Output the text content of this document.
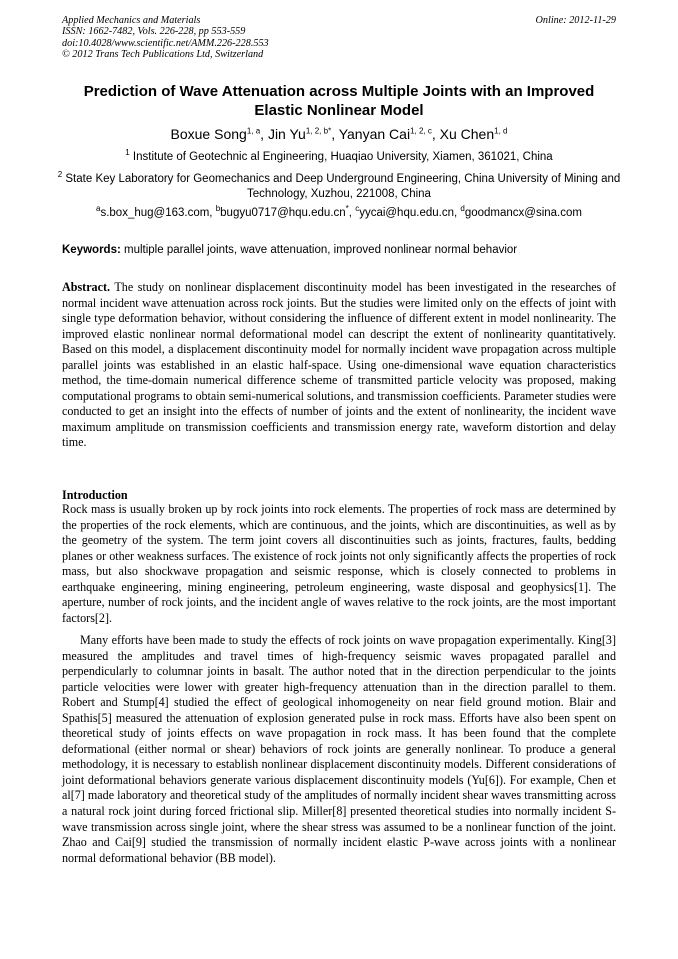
Applied Mechanics and Materials
ISSN: 1662-7482, Vols. 226-228, pp 553-559
doi:10.4028/www.scientific.net/AMM.226-228.553
© 2012 Trans Tech Publications Ltd, Switzerland
Online: 2012-11-29
Prediction of Wave Attenuation across Multiple Joints with an Improved Elastic Nonlinear Model
Boxue Song$^{1, a}$, Jin $Yu^{1, 2, b*}$, Yanyan Cai$^{1, 2, c}$, Xu Chen$^{1, d}$
$^1$ Institute of Geotechnic al Engineering, Huaqiao University, Xiamen, 361021, China
$^2$ State Key Laboratory for Geomechanics and Deep Underground Engineering, China University of Mining and Technology, Xuzhou, 221008, China
$^a$s.box_hug@163.com, $^b$bugyu0717@hqu.edu.cn*, $^c$yycai@hqu.edu.cn, $^d$goodmancx@sina.com
Keywords: multiple parallel joints, wave attenuation, improved nonlinear normal behavior
Abstract. The study on nonlinear displacement discontinuity model has been investigated in the researches of normal incident wave attenuation across rock joints. But the studies were limited only on the effects of joint with single type deformation behavior, without considering the influence of different extent in model nonlinearity. The improved elastic nonlinear normal deformational model can descript the extent of nonlinearity quantitatively. Based on this model, a displacement discontinuity model for normally incident wave propagation across multiple parallel joints was established in an elastic half-space. Using one-dimensional wave equation characteristics method, the time-domain numerical difference scheme of transmitted particle velocity was proposed, making computational programs to obtain semi-numerical solutions, and transmission coefficients. Parameter studies were conducted to get an insight into the effects of number of joints and the extent of nonlinearity, the incident wave maximum amplitude on transmission coefficients and transmission energy rate, waveform distortion and delay time.
Introduction
Rock mass is usually broken up by rock joints into rock elements. The properties of rock mass are determined by the properties of the rock elements, which are continuous, and the joints, which are discontinuities, as well as by the geometry of the system. The term joint covers all discontinuities such as joints, fractures, faults, bedding planes or other weakness surfaces. The existence of rock joints not only significantly affects the properties of rock mass, but also shockwave propagation and seismic response, which is closely connected to problems in earthquake engineering, mining engineering, petroleum engineering, waste disposal and geophysics[1]. The aperture, number of rock joints, and the incident angle of waves relative to the rock joints, are the most important factors[2].
Many efforts have been made to study the effects of rock joints on wave propagation experimentally. King[3] measured the amplitudes and travel times of high-frequency seismic waves propagated parallel and perpendicularly to columnar joints in basalt. The author noted that in the direction perpendicular to the joints particle velocities were lower with greater high-frequency attenuation than in the direction parallel to them. Robert and Stump[4] studied the effect of geological inhomogeneity on near field ground motion. Blair and Spathis[5] measured the attenuation of explosion generated pulse in rock mass. Efforts have also been spent on theoretical study of joints effects on wave propagation in rock mass. It has been found that the complete deformational (either normal or shear) behaviors of rock joints are generally nonlinear. To produce a general methodology, it is necessary to establish nonlinear displacement discontinuity models. Different considerations of joint deformational behaviors generate various displacement discontinuity models (Yu[6]). For example, Chen et al[7] made laboratory and theoretical study of the amplitudes of normally incident shear waves transmitting across a natural rock joint during forced frictional slip. Miller[8] presented theoretical studies into normally incident S-wave transmission across single joint, where the shear stress was assumed to be a nonlinear function of the joint. Zhao and Cai[9] studied the transmission of normally incident elastic P-wave across joints with a nonlinear normal deformational behavior (BB model).
